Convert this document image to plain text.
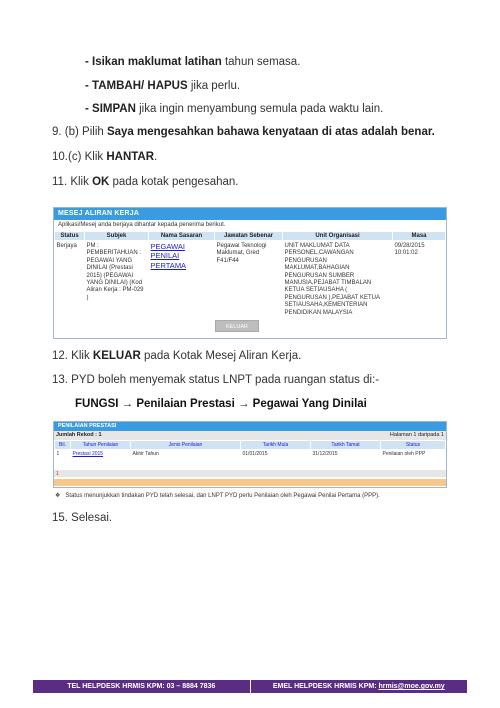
- Isikan maklumat latihan tahun semasa.
- TAMBAH/ HAPUS jika perlu.
- SIMPAN jika ingin menyambung semula pada waktu lain.
9. (b) Pilih Saya mengesahkan bahawa kenyataan di atas adalah benar.
10.(c) Klik HANTAR.
11. Klik OK pada kotak pengesahan.
MESEJ ALIRAN KERJA
Aplikasi/Mesej anda berjaya dihantar kepada penerima berikut.
Status	Subjek	Nama Sasaran	Jawatan Sebenar	Unit Organisasi	Masa
Berjaya	PM : PEMBERITAHUAN : PEGAWAI YANG DINILAI (Prestasi 2015) (PEGAWAI YANG DINILAI) (Kod Aliran Kerja : PM-029 )	PEGAWAI PENILAI PERTAMA	Pegawai Teknologi Maklumat, Gred F41/F44	UNIT MAKLUMAT DATA PERSONEL,CAWANGAN PENGURUSAN MAKLUMAT,BAHAGIAN PENGURUSAN SUMBER MANUSIA,PEJABAT TIMBALAN KETUA SETIAUSAHA ( PENGURUSAN ),PEJABAT KETUA SETIAUSAHA,KEMENTERIAN PENDIDIKAN MALAYSIA	09/28/2015 10:01:02
KELUAR
12. Klik KELUAR pada Kotak Mesej Aliran Kerja.
13. PYD boleh menyemak status LNPT pada ruangan status di:-
FUNGSI → Penilaian Prestasi → Pegawai Yang Dinilai
PENILAIAN PRESTASI
Jumlah Rekod : 1	Halaman 1 daripada 1
Bil.	Tahun Penilaian	Jenis Penilaian	Tarikh Mula	Tarikh Tamat	Status
1	Prestasi 2015	Akhir Tahun	01/01/2015	31/12/2015	Penilaian oleh PPP
1
❖ Status menunjukkan tindakan PYD telah selesai, dan LNPT PYD perlu Penilaian oleh Pegawai Penilai Pertama (PPP).
15. Selesai.
TEL HELPDESK HRMIS KPM: 03 – 8884 7836	EMEL HELPDESK HRMIS KPM: hrmis@moe.gov.my
